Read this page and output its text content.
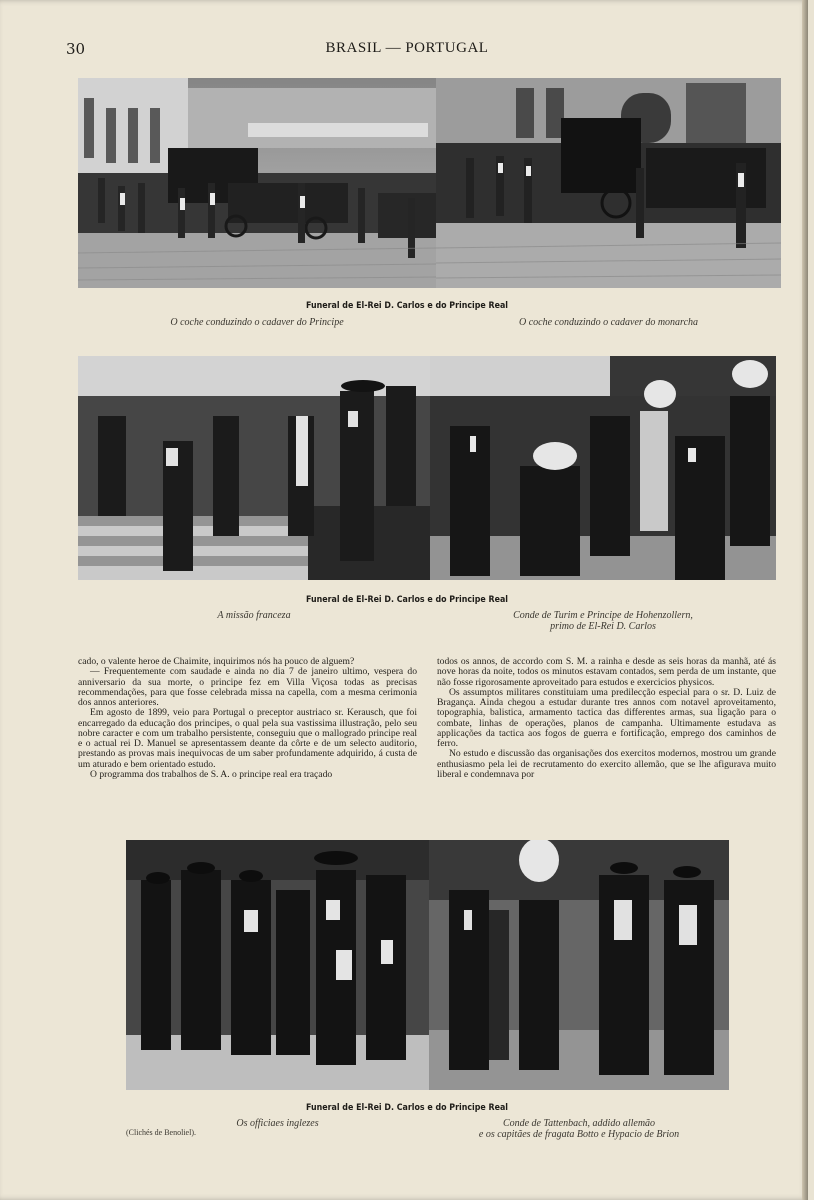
30	BRASIL — PORTUGAL
Funeral de El-Rei D. Carlos e do Principe Real
O coche conduzindo o cadaver do Principe	O coche conduzindo o cadaver do monarcha
Funeral de El-Rei D. Carlos e do Principe Real
A missão franceza	Conde de Turim e Principe de Hohenzollern,
primo de El-Rei D. Carlos

cado, o valente heroe de Chaimite, inquirimos nós ha pouco de alguem?

— Frequentemente com saudade e ainda no dia 7 de janeiro ultimo, vespera do anniversario da sua morte, o principe fez em Villa Viçosa todas as precisas recommendações, para que fosse celebrada missa na capella, com a mesma cerimonia dos annos anteriores.

Em agosto de 1899, veio para Portugal o preceptor austriaco sr. Kerausch, que foi encarregado da educação dos principes, o qual pela sua vastissima illustração, pelo seu nobre caracter e com um trabalho persistente, conseguiu que o mallogrado principe real e o actual rei D. Manuel se apresentassem deante da côrte e de um selecto auditorio, prestando as provas mais inequivocas de um saber profundamente adquirido, á custa de um aturado e bem orientado estudo.

O programma dos trabalhos de S. A. o principe real era traçado

todos os annos, de accordo com S. M. a rainha e desde as seis horas da manhã, até ás nove horas da noite, todos os minutos estavam contados, sem perda de um instante, que não fosse rigorosamente aproveitado para estudos e exercicios physicos.

Os assumptos militares constituiam uma predilecção especial para o sr. D. Luiz de Bragança. Ainda chegou a estudar durante tres annos com notavel aproveitamento, topographia, balistica, armamento tactica das differentes armas, sua ligação para o combate, linhas de operações, planos de campanha. Ultimamente estudava as applicações da tactica aos fogos de guerra e fortificação, emprego dos caminhos de ferro.

No estudo e discussão das organisações dos exercitos modernos, mostrou um grande enthusiasmo pela lei de recrutamento do exercito allemão, que se lhe afigurava muito liberal e condemnava por

Funeral de El-Rei D. Carlos e do Principe Real
Os officiaes inglezes	Conde de Tattenbach, addido allemão
e os capitães de fragata Botto e Hypacio de Brion
(Clichés de Benoliel).
